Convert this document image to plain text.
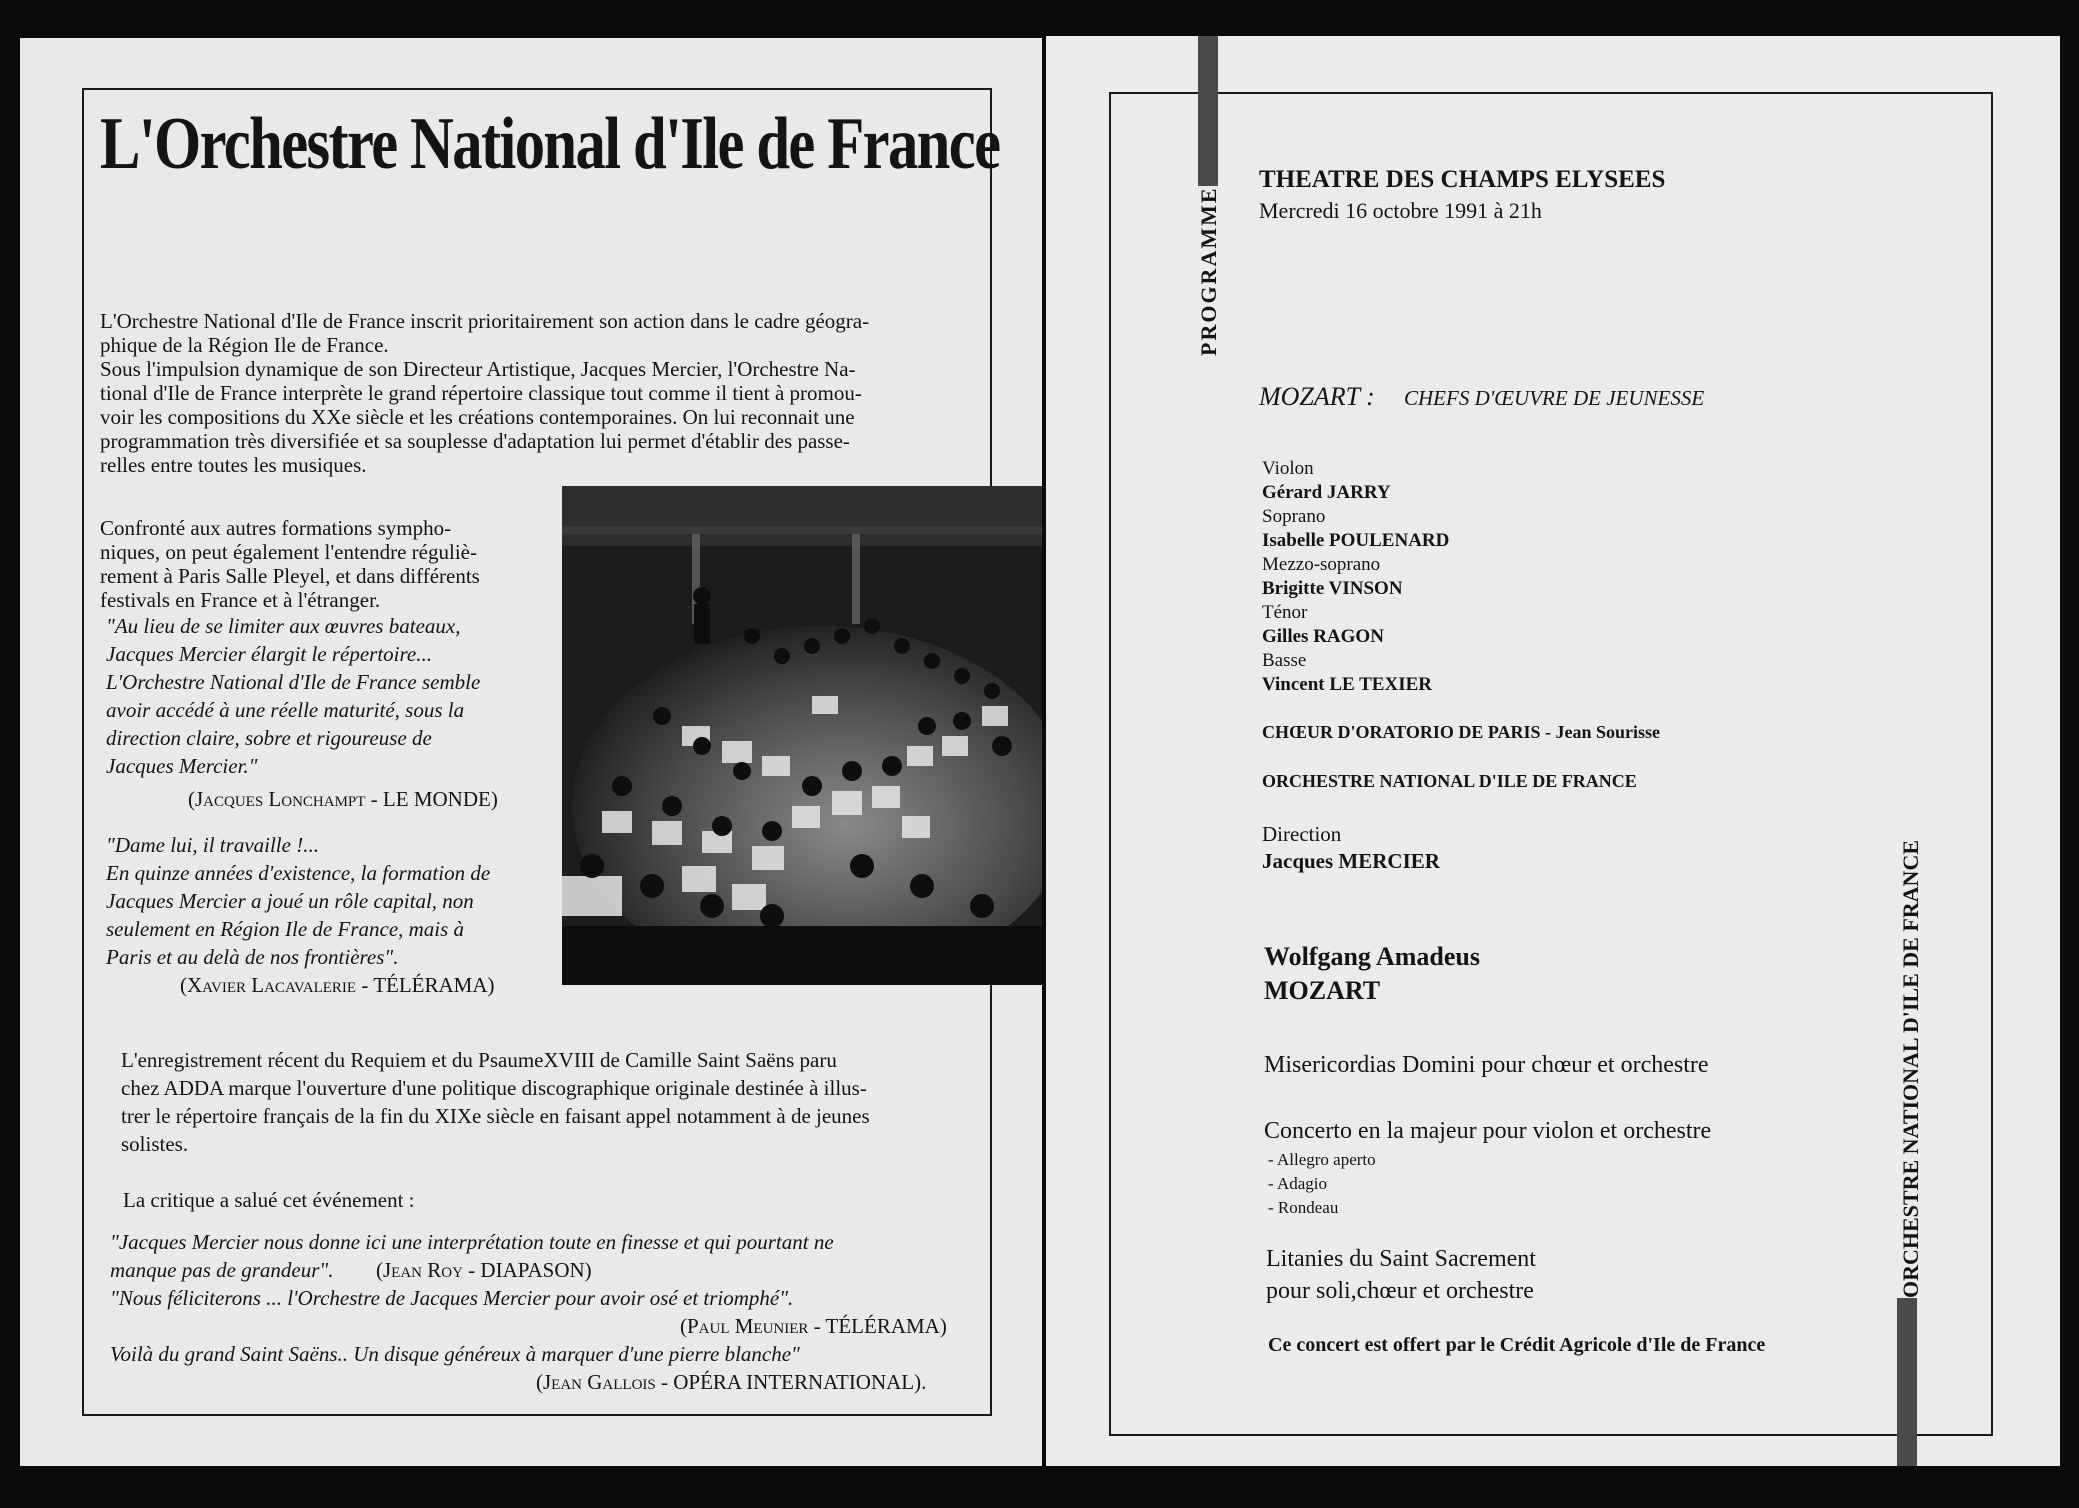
L'Orchestre National d'Ile de France
L'Orchestre National d'Ile de France inscrit prioritairement son action dans le cadre géogra-
phique de la Région Ile de France.
Sous l'impulsion dynamique de son Directeur Artistique, Jacques Mercier, l'Orchestre Na-
tional d'Ile de France interprète le grand répertoire classique tout comme il tient à promou-
voir les compositions du XXe siècle et les créations contemporaines. On lui reconnait une
programmation très diversifiée et sa souplesse d'adaptation lui permet d'établir des passe-
relles entre toutes les musiques.
Confronté aux autres formations sympho-
niques, on peut également l'entendre réguliè-
rement à Paris Salle Pleyel, et dans différents
festivals en France et à l'étranger.
"Au lieu de se limiter aux œuvres bateaux,
Jacques Mercier élargit le répertoire...
L'Orchestre National d'Ile de France semble
avoir accédé à une réelle maturité, sous la
direction claire, sobre et rigoureuse de
Jacques Mercier."
(Jacques Lonchampt - LE MONDE)
"Dame lui, il travaille !...
En quinze années d'existence, la formation de
Jacques Mercier a joué un rôle capital, non
seulement en Région Ile de France, mais à
Paris et au delà de nos frontières".
(Xavier Lacavalerie - TÉLÉRAMA)
L'enregistrement récent du Requiem et du PsaumeXVIII de Camille Saint Saëns paru
chez ADDA marque l'ouverture d'une politique discographique originale destinée à illus-
trer le répertoire français de la fin du XIXe siècle en faisant appel notamment à de jeunes
solistes.
La critique a salué cet événement :
"Jacques Mercier nous donne ici une interprétation toute en finesse et qui pourtant ne
manque pas de grandeur". (Jean Roy - DIAPASON)
"Nous féliciterons ... l'Orchestre de Jacques Mercier pour avoir osé et triomphé".
(Paul Meunier - TÉLÉRAMA)
Voilà du grand Saint Saëns.. Un disque généreux à marquer d'une pierre blanche"
(Jean Gallois - OPÉRA INTERNATIONAL).
PROGRAMME
ORCHESTRE NATIONAL D'ILE DE FRANCE
THEATRE DES CHAMPS ELYSEES
Mercredi 16 octobre 1991 à 21h
MOZART : CHEFS D'ŒUVRE DE JEUNESSE
Violon
Gérard JARRY
Soprano
Isabelle POULENARD
Mezzo-soprano
Brigitte VINSON
Ténor
Gilles RAGON
Basse
Vincent LE TEXIER
CHŒUR D'ORATORIO DE PARIS - Jean Sourisse
ORCHESTRE NATIONAL D'ILE DE FRANCE
Direction
Jacques MERCIER
Wolfgang Amadeus
MOZART
Misericordias Domini pour chœur et orchestre
Concerto en la majeur pour violon et orchestre
- Allegro aperto
- Adagio
- Rondeau
Litanies du Saint Sacrement
pour soli,chœur et orchestre
Ce concert est offert par le Crédit Agricole d'Ile de France
